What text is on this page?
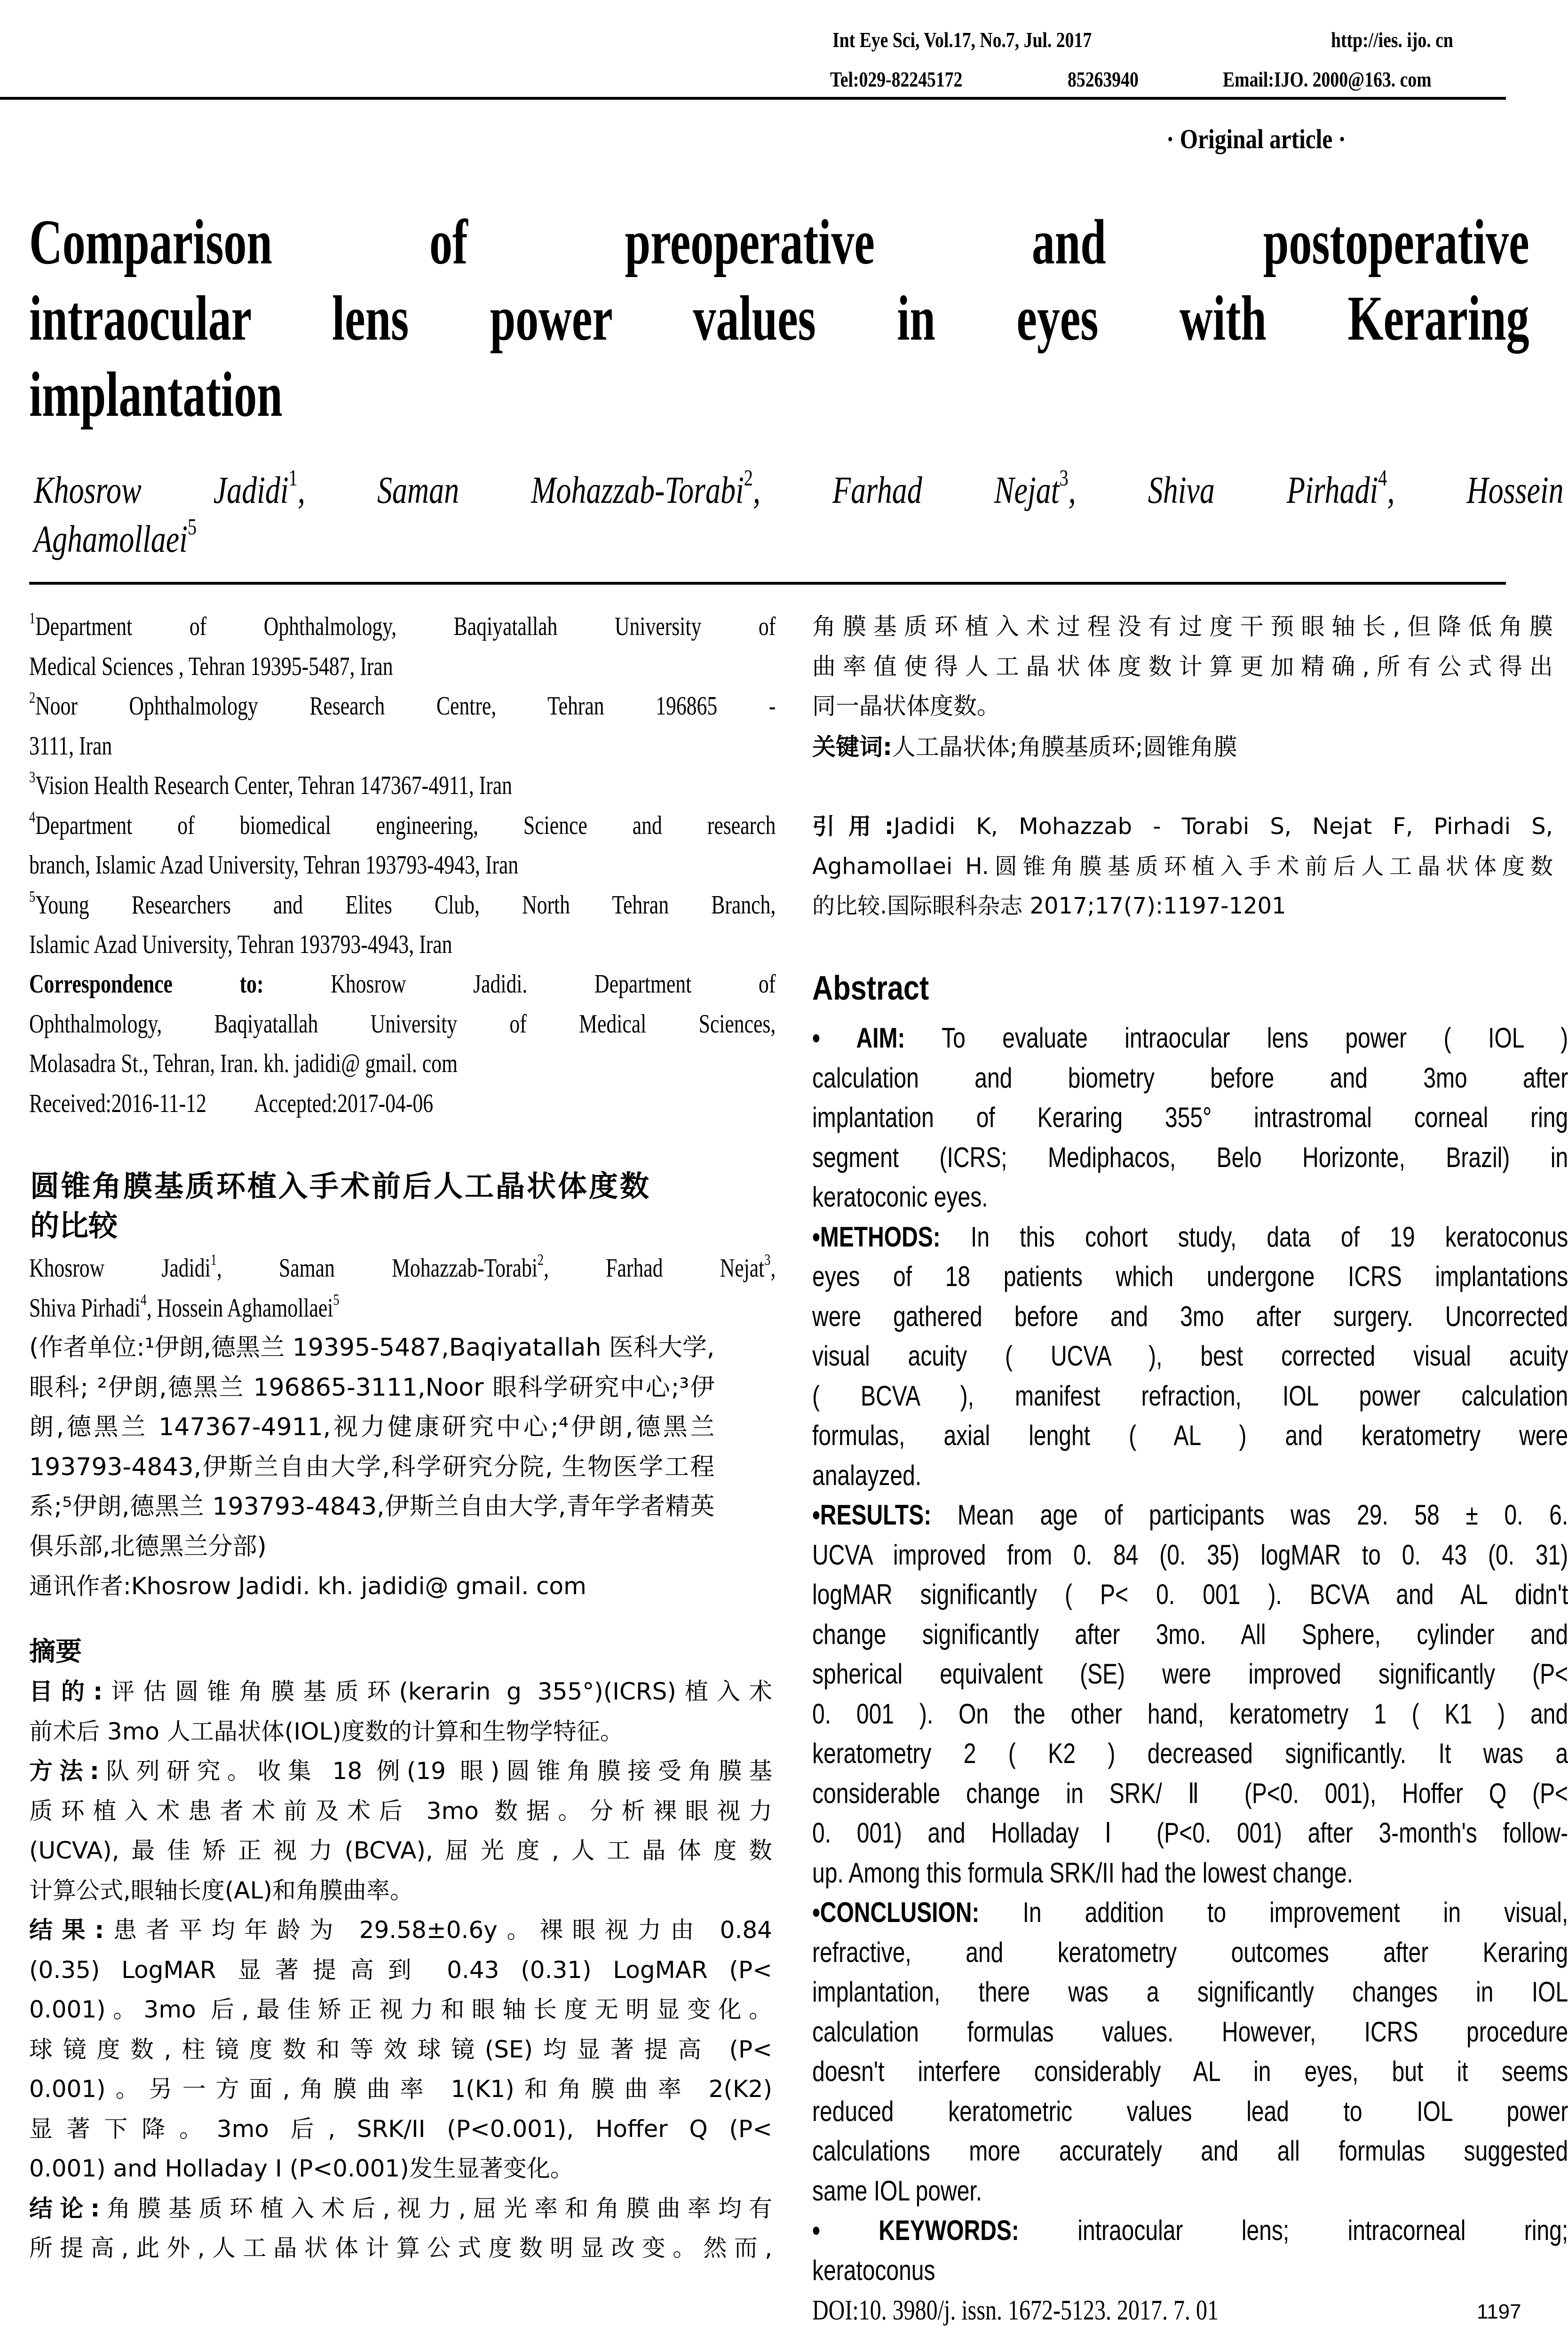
Int Eye Sci, Vol.17, No.7, Jul. 2017	http://ies. ijo. cn
Tel:029-82245172	85263940	Email:IJO. 2000@163. com
· Original article ·
Comparison of preoperative and postoperative
intraocular lens power values in eyes with Keraring
implantation
Khosrow Jadidi$^1$, Saman Mohazzab-Torabi$^2$, Farhad Nejat$^3$, Shiva Pirhadi$^4$, Hossein
Aghamollaei$^5$
$^1$Department of Ophthalmology, Baqiyatallah University of
Medical Sciences , Tehran 19395-5487, Iran
$^2$Noor Ophthalmology Research Centre, Tehran 196865 -
3111, Iran
$^3$Vision Health Research Center, Tehran 147367-4911, Iran
$^4$Department of biomedical engineering, Science and research
branch, Islamic Azad University, Tehran 193793-4943, Iran
$^5$Young Researchers and Elites Club, North Tehran Branch,
Islamic Azad University, Tehran 193793-4943, Iran
Correspondence to:	Khosrow Jadidi. Department of
Ophthalmology, Baqiyatallah University of Medical Sciences,
Molasadra St., Tehran, Iran. kh. jadidi@ gmail. com
Received:2016-11-12 Accepted:2017-04-06
圆锥角膜基质环植入手术前后人工晶状体度数
的比较
Khosrow Jadidi$^1$, Saman Mohazzab-Torabi$^2$, Farhad Nejat$^3$,
Shiva Pirhadi$^4$, Hossein Aghamollaei$^5$
(作者单位:¹伊朗,德黑兰 19395-5487,Baqiyatallah 医科大学,
眼科; ²伊朗,德黑兰 196865-3111,Noor 眼科学研究中心;³伊
朗,德黑兰 147367-4911,视力健康研究中心;⁴伊朗,德黑兰
193793-4843,伊斯兰自由大学,科学研究分院, 生物医学工程
系;⁵伊朗,德黑兰 193793-4843,伊斯兰自由大学,青年学者精英
俱乐部,北德黑兰分部)
通讯作者:Khosrow Jadidi. kh. jadidi@ gmail. com
摘要
目的:评估圆锥角膜基质环(kerarin g 355°)(ICRS)植入术
前术后 3mo 人工晶状体(IOL)度数的计算和生物学特征。
方法:队列研究。收集 18 例(19 眼)圆锥角膜接受角膜基
质环植入术患者术前及术后 3mo 数据。分析裸眼视力
(UCVA),最佳矫正视力(BCVA),屈光度,人工晶体度数
计算公式,眼轴长度(AL)和角膜曲率。
结果:患者平均年龄为 29.58±0.6y。裸眼视力由 0.84
(0.35) LogMAR 显著提高到 0.43 (0.31) LogMAR (P<
0.001)。3mo 后,最佳矫正视力和眼轴长度无明显变化。
球镜度数,柱镜度数和等效球镜(SE)均显著提高 (P<
0.001)。另一方面,角膜曲率 1(K1)和角膜曲率 2(K2)
显著下降。3mo 后, SRK/II (P<0.001), Hoffer Q (P<
0.001) and Holladay I (P<0.001)发生显著变化。
结论:角膜基质环植入术后,视力,屈光率和角膜曲率均有
所提高,此外,人工晶状体计算公式度数明显改变。然而,
角膜基质环植入术过程没有过度干预眼轴长,但降低角膜
曲率值使得人工晶状体度数计算更加精确,所有公式得出
同一晶状体度数。
关键词:人工晶状体;角膜基质环;圆锥角膜
引用:Jadidi K, Mohazzab - Torabi S, Nejat F, Pirhadi S,
Aghamollaei H.圆锥角膜基质环植入手术前后人工晶状体度数
的比较.国际眼科杂志 2017;17(7):1197-1201
Abstract
• AIM: To evaluate intraocular lens power ( IOL )
calculation and biometry before and 3mo after
implantation of Keraring 355° intrastromal corneal ring
segment (ICRS; Mediphacos, Belo Horizonte, Brazil) in
keratoconic eyes.
•METHODS: In this cohort study, data of 19 keratoconus
eyes of 18 patients which undergone ICRS implantations
were gathered before and 3mo after surgery. Uncorrected
visual acuity ( UCVA ), best corrected visual acuity
( BCVA ), manifest refraction, IOL power calculation
formulas, axial lenght ( AL ) and keratometry were
analayzed.
•RESULTS: Mean age of participants was 29. 58 ± 0. 6.
UCVA improved from 0. 84 (0. 35) logMAR to 0. 43 (0. 31)
logMAR significantly ( P< 0. 001 ). BCVA and AL didn't
change significantly after 3mo. All Sphere, cylinder and
spherical equivalent (SE) were improved significantly (P<
0. 001 ). On the other hand, keratometry 1 ( K1 ) and
keratometry 2 ( K2 ) decreased significantly. It was a
considerable change in SRK/ Ⅱ (P<0. 001), Hoffer Q (P<
0. 001) and Holladay Ⅰ (P<0. 001) after 3-month's follow-
up. Among this formula SRK/II had the lowest change.
•CONCLUSION: In addition to improvement in visual,
refractive, and keratometry outcomes after Keraring
implantation, there was a significantly changes in IOL
calculation formulas values. However, ICRS procedure
doesn't interfere considerably AL in eyes, but it seems
reduced keratometric values lead to IOL power
calculations more accurately and all formulas suggested
same IOL power.
• KEYWORDS: intraocular lens; intracorneal ring;
keratoconus
DOI:10. 3980/j. issn. 1672-5123. 2017. 7. 01	1197
